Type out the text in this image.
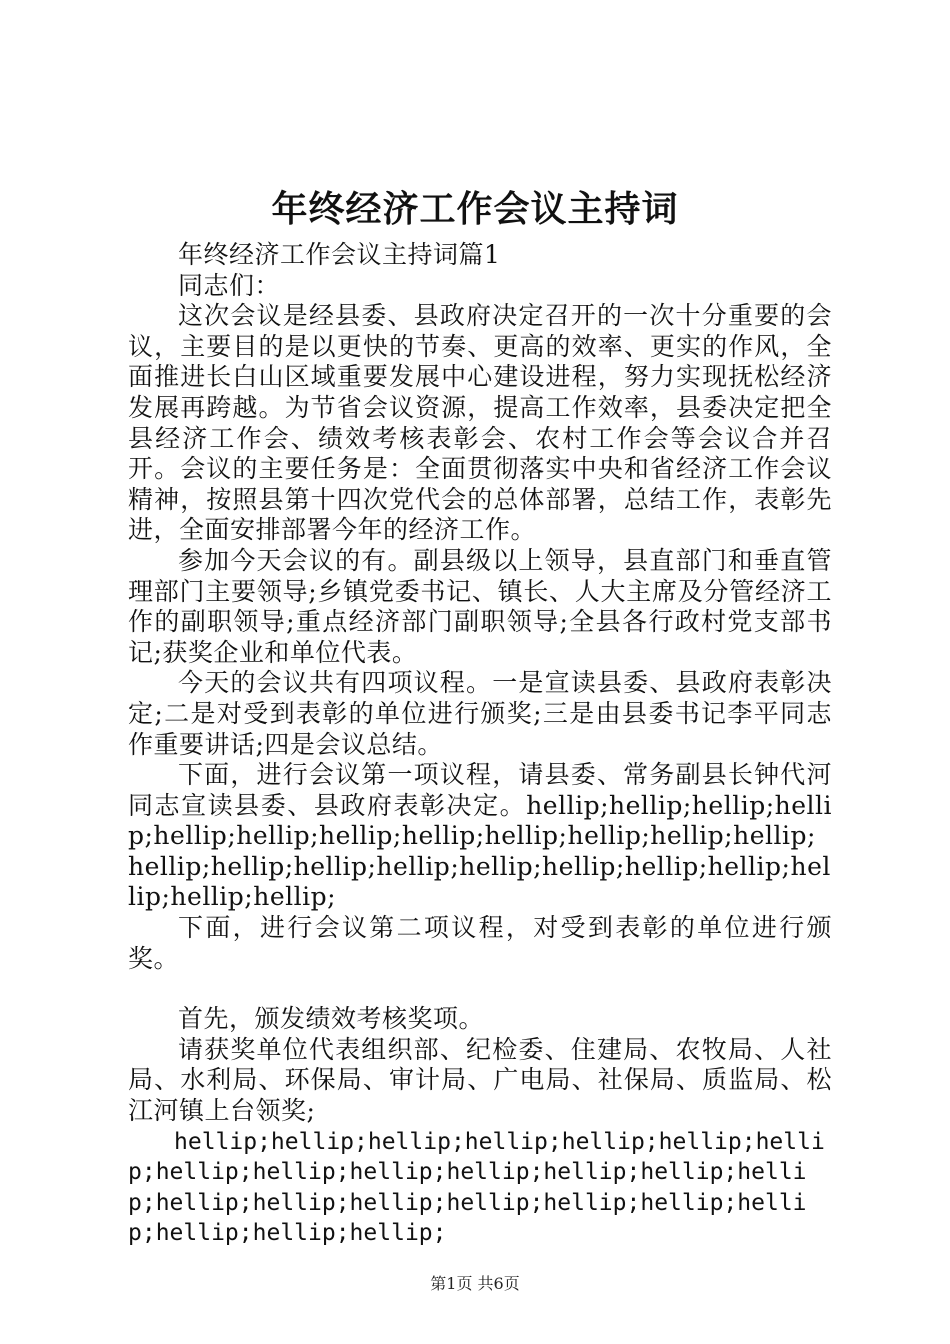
年终经济工作会议主持词

年终经济工作会议主持词篇1

同志们：

这次会议是经县委、县政府决定召开的一次十分重要的会议，主要目的是以更快的节奏、更高的效率、更实的作风，全面推进长白山区域重要发展中心建设进程，努力实现抚松经济发展再跨越。为节省会议资源，提高工作效率，县委决定把全县经济工作会、绩效考核表彰会、农村工作会等会议合并召开。会议的主要任务是：全面贯彻落实中央和省经济工作会议精神，按照县第十四次党代会的总体部署，总结工作，表彰先进，全面安排部署今年的经济工作。

参加今天会议的有。副县级以上领导，县直部门和垂直管理部门主要领导;乡镇党委书记、镇长、人大主席及分管经济工作的副职领导;重点经济部门副职领导;全县各行政村党支部书记;获奖企业和单位代表。

今天的会议共有四项议程。一是宣读县委、县政府表彰决定;二是对受到表彰的单位进行颁奖;三是由县委书记李平同志作重要讲话;四是会议总结。

下面，进行会议第一项议程，请县委、常务副县长钟代河同志宣读县委、县政府表彰决定。hellip;hellip;hellip;hellip;hellip;hellip;hellip;hellip;hellip;hellip;hellip;hellip;hellip;hellip;hellip;hellip;hellip;hellip;hellip;hellip;hellip;hellip;hellip;

下面，进行会议第二项议程，对受到表彰的单位进行颁奖。

首先，颁发绩效考核奖项。

请获奖单位代表组织部、纪检委、住建局、农牧局、人社局、水利局、环保局、审计局、广电局、社保局、质监局、松江河镇上台领奖;

hellip;hellip;hellip;hellip;hellip;hellip;hellip;hellip;hellip;hellip;hellip;hellip;hellip;hellip;hellip;hellip;hellip;hellip;hellip;hellip;hellip;hellip;hellip;hellip;

第1页 共6页
